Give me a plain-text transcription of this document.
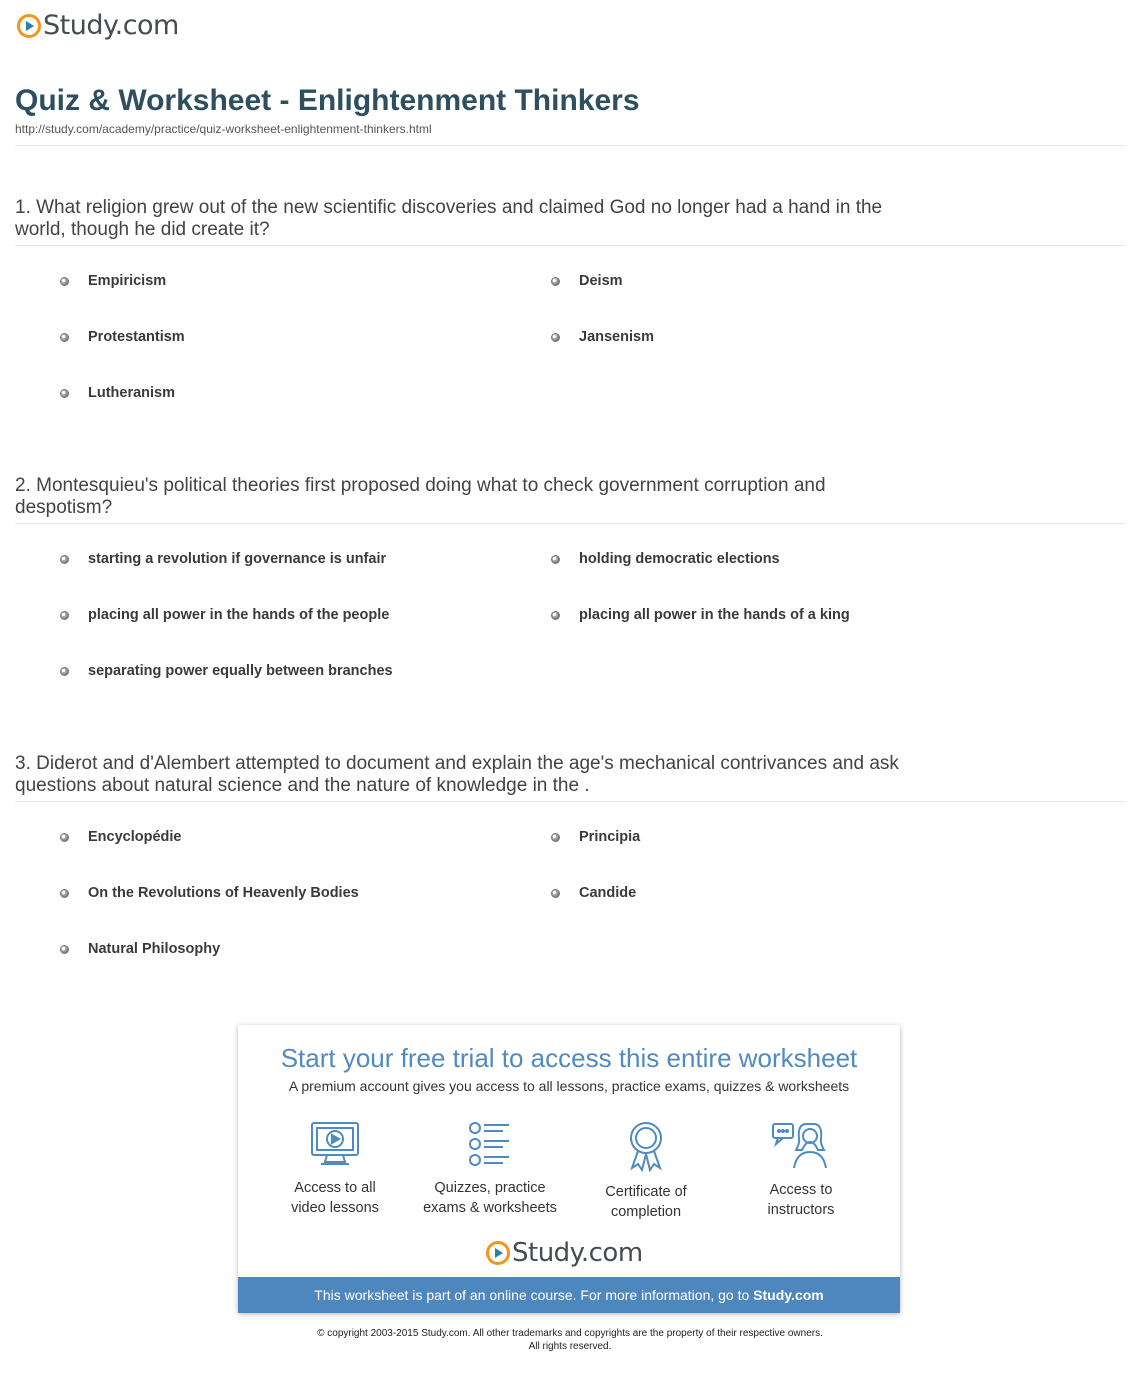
Study.com
Quiz & Worksheet - Enlightenment Thinkers
http://study.com/academy/practice/quiz-worksheet-enlightenment-thinkers.html
1. What religion grew out of the new scientific discoveries and claimed God no longer had a hand in the world, though he did create it?
Empiricism	Deism
Protestantism	Jansenism
Lutheranism
2. Montesquieu's political theories first proposed doing what to check government corruption and despotism?
starting a revolution if governance is unfair	holding democratic elections
placing all power in the hands of the people	placing all power in the hands of a king
separating power equally between branches
3. Diderot and d'Alembert attempted to document and explain the age's mechanical contrivances and ask questions about natural science and the nature of knowledge in the .
Encyclopédie	Principia
On the Revolutions of Heavenly Bodies	Candide
Natural Philosophy
Start your free trial to access this entire worksheet
A premium account gives you access to all lessons, practice exams, quizzes & worksheets
Access to all
video lessons
Quizzes, practice
exams & worksheets
Certificate of
completion
Access to
instructors
Study.com
This worksheet is part of an online course. For more information, go to Study.com
© copyright 2003-2015 Study.com. All other trademarks and copyrights are the property of their respective owners.
All rights reserved.
